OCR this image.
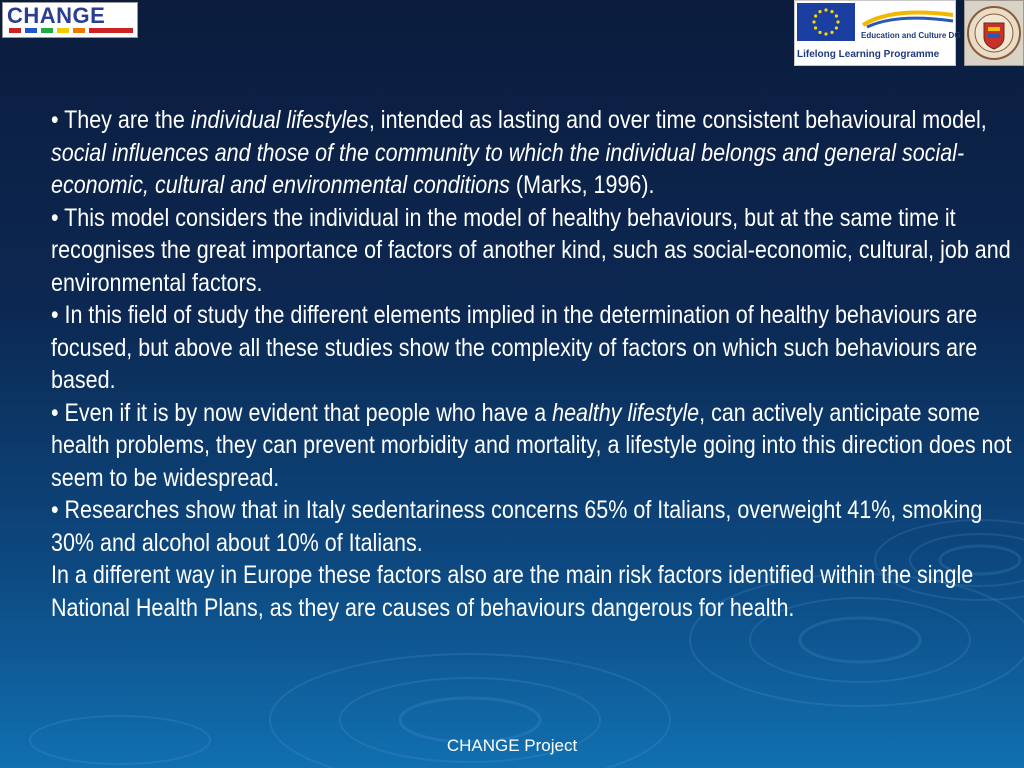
CHANGE
Education and Culture DG
Lifelong Learning Programme

• They are the individual lifestyles, intended as lasting and over time consistent behavioural model, social influences and those of the community to which the individual belongs and general social-economic, cultural and environmental conditions (Marks, 1996).

• This model considers the individual in the model of healthy behaviours, but at the same time it recognises the great importance of factors of another kind, such as social-economic, cultural, job and environmental factors.

• In this field of study the different elements implied in the determination of healthy behaviours are focused, but above all these studies show the complexity of factors on which such behaviours are based.

• Even if it is by now evident that people who have a healthy lifestyle, can actively anticipate some health problems, they can prevent morbidity and mortality, a lifestyle going into this direction does not seem to be widespread.

• Researches show that in Italy sedentariness concerns 65% of Italians, overweight 41%, smoking 30% and alcohol about 10% of Italians.

In a different way in Europe these factors also are the main risk factors identified within the single National Health Plans, as they are causes of behaviours dangerous for health.

CHANGE Project
